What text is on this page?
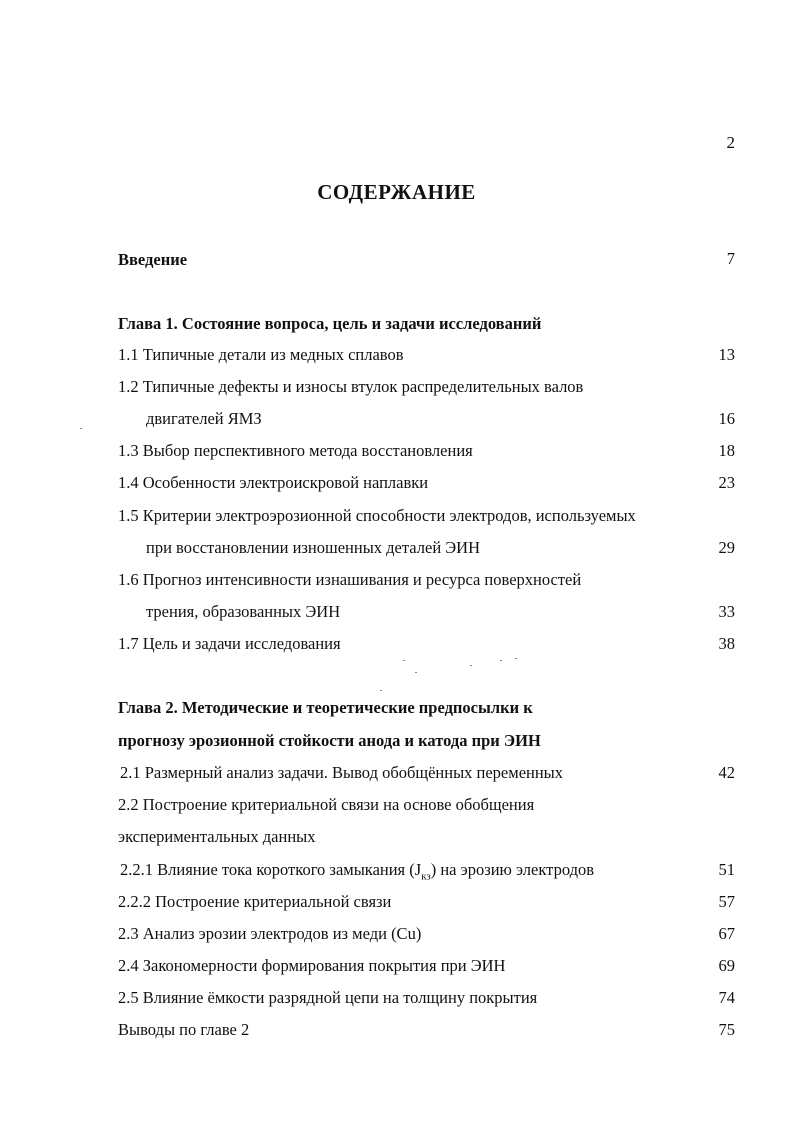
2
СОДЕРЖАНИЕ
Введение	7
Глава 1. Состояние вопроса, цель и задачи исследований
1.1 Типичные детали из медных сплавов	13
1.2 Типичные дефекты и износы втулок распределительных валов
двигателей ЯМЗ	16
1.3 Выбор перспективного метода восстановления	18
1.4 Особенности электроискровой наплавки	23
1.5 Критерии электроэрозионной способности электродов, используемых
при восстановлении изношенных деталей ЭИН	29
1.6 Прогноз интенсивности изнашивания и ресурса поверхностей
трения, образованных ЭИН	33
1.7 Цель и задачи исследования	38
Глава 2. Методические и теоретические предпосылки к
прогнозу эрозионной стойкости анода и катода при ЭИН
2.1 Размерный анализ задачи. Вывод обобщённых переменных	42
2.2 Построение критериальной связи на основе обобщения
экспериментальных данных
2.2.1 Влияние тока короткого замыкания $(J_{кз})$ на эрозию электродов	51
2.2.2 Построение критериальной связи	57
2.3 Анализ эрозии электродов из меди (Cu)	67
2.4 Закономерности формирования покрытия при ЭИН	69
2.5 Влияние ёмкости разрядной цепи на толщину покрытия	74
Выводы по главе 2	75
